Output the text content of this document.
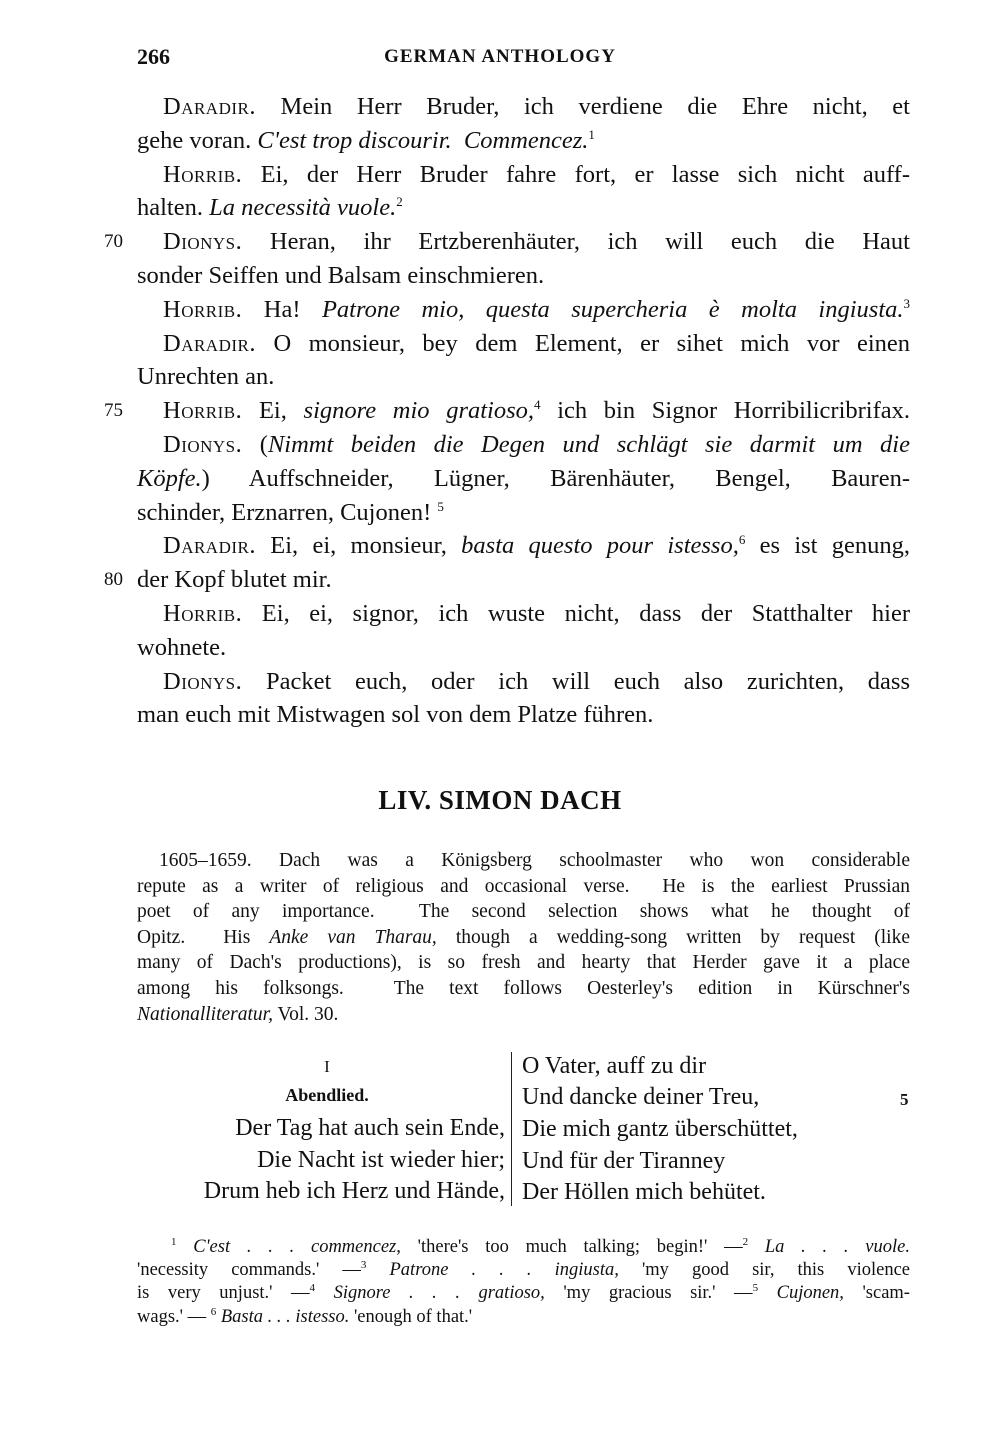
266	GERMAN ANTHOLOGY
Daradir. Mein Herr Bruder, ich verdiene die Ehre nicht, et
gehe voran. C'est trop discourir. Commencez.$^1$
Horrib. Ei, der Herr Bruder fahre fort, er lasse sich nicht auff-
halten. La necessità vuole.$^2$
Dionys. Heran, ihr Ertzberenhäuter, ich will euch die Haut
70
sonder Seiffen und Balsam einschmieren.
Horrib. Ha! Patrone mio, questa supercheria è molta ingiusta.$^3$
Daradir. O monsieur, bey dem Element, er sihet mich vor einen
Unrechten an.
Horrib. Ei, signore mio gratioso,$^4$ ich bin Signor Horribilicribrifax.
75
Dionys. (Nimmt beiden die Degen und schlägt sie darmit um die
Köpfe.) Auffschneider, Lügner, Bärenhäuter, Bengel, Bauren-
schinder, Erznarren, Cujonen! $^5$
Daradir. Ei, ei, monsieur, basta questo pour istesso,$^6$ es ist genung,
der Kopf blutet mir.
80
Horrib. Ei, ei, signor, ich wuste nicht, dass der Statthalter hier
wohnete.
Dionys. Packet euch, oder ich will euch also zurichten, dass
man euch mit Mistwagen sol von dem Platze führen.
LIV. SIMON DACH
1605–1659. Dach was a Königsberg schoolmaster who won considerable
repute as a writer of religious and occasional verse.  He is the earliest Prussian
poet of any importance.  The second selection shows what he thought of
Opitz.  His Anke van Tharau, though a wedding-song written by request (like
many of Dach's productions), is so fresh and hearty that Herder gave it a place
among his folksongs.  The text follows Oesterley's edition in Kürschner's
Nationalliteratur, Vol. 30.
I
Abendlied.
Der Tag hat auch sein Ende,
Die Nacht ist wieder hier;
Drum heb ich Herz und Hände,
O Vater, auff zu dir
Und dancke deiner Treu,
Die mich gantz überschüttet,
Und für der Tiranney
Der Höllen mich behütet.
5
$^1$ C'est . . . commencez, 'there's too much talking; begin!' —$^2$ La . . . vuole.
'necessity commands.' —$^3$ Patrone . . . ingiusta, 'my good sir, this violence
is very unjust.' —$^4$ Signore . . . gratioso, 'my gracious sir.' —$^5$ Cujonen, 'scam-
wags.' — $^6$ Basta . . . istesso. 'enough of that.'
